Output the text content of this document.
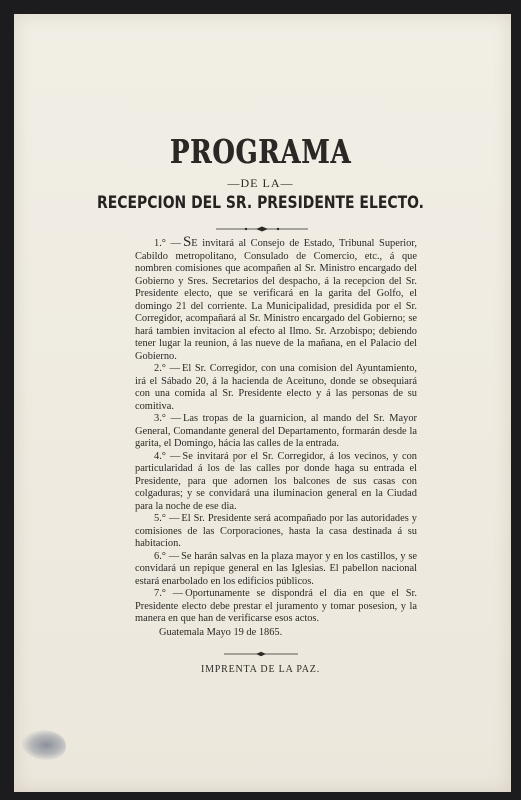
PROGRAMA
—DE LA—
RECEPCION DEL SR. PRESIDENTE ELECTO.

1.° — SE invitará al Consejo de Estado, Tribunal Superior, Cabildo metropolitano, Consulado de Comercio, etc., á que nombren comisiones que acompañen al Sr. Ministro encargado del Gobierno y Sres. Secretarios del despacho, á la recepcion del Sr. Presidente electo, que se verificará en la garita del Golfo, el domingo 21 del corriente. La Municipalidad, presidida por el Sr. Corregidor, acompañará al Sr. Ministro encargado del Gobierno; se hará tambien invitacion al efecto al Ilmo. Sr. Arzobispo; debiendo tener lugar la reunion, á las nueve de la mañana, en el Palacio del Gobierno.

2.° — El Sr. Corregidor, con una comision del Ayuntamiento, irá el Sábado 20, á la hacienda de Aceituno, donde se obsequiará con una comida al Sr. Presidente electo y á las personas de su comitiva.

3.° — Las tropas de la guarnicion, al mando del Sr. Mayor General, Comandante general del Departamento, formarán desde la garita, el Domingo, hácia las calles de la entrada.

4.° — Se invitará por el Sr. Corregidor, á los vecinos, y con particularidad á los de las calles por donde haga su entrada el Presidente, para que adornen los balcones de sus casas con colgaduras; y se convidará una iluminacion general en la Ciudad para la noche de ese dia.

5.° — El Sr. Presidente será acompañado por las autoridades y comisiones de las Corporaciones, hasta la casa destinada á su habitacion.

6.° — Se harán salvas en la plaza mayor y en los castillos, y se convidará un repique general en las Iglesias. El pabellon nacional estará enarbolado en los edificios públicos.

7.° — Oportunamente se dispondrá el dia en que el Sr. Presidente electo debe prestar el juramento y tomar posesion, y la manera en que han de verificarse esos actos.

Guatemala Mayo 19 de 1865.

IMPRENTA DE LA PAZ.
